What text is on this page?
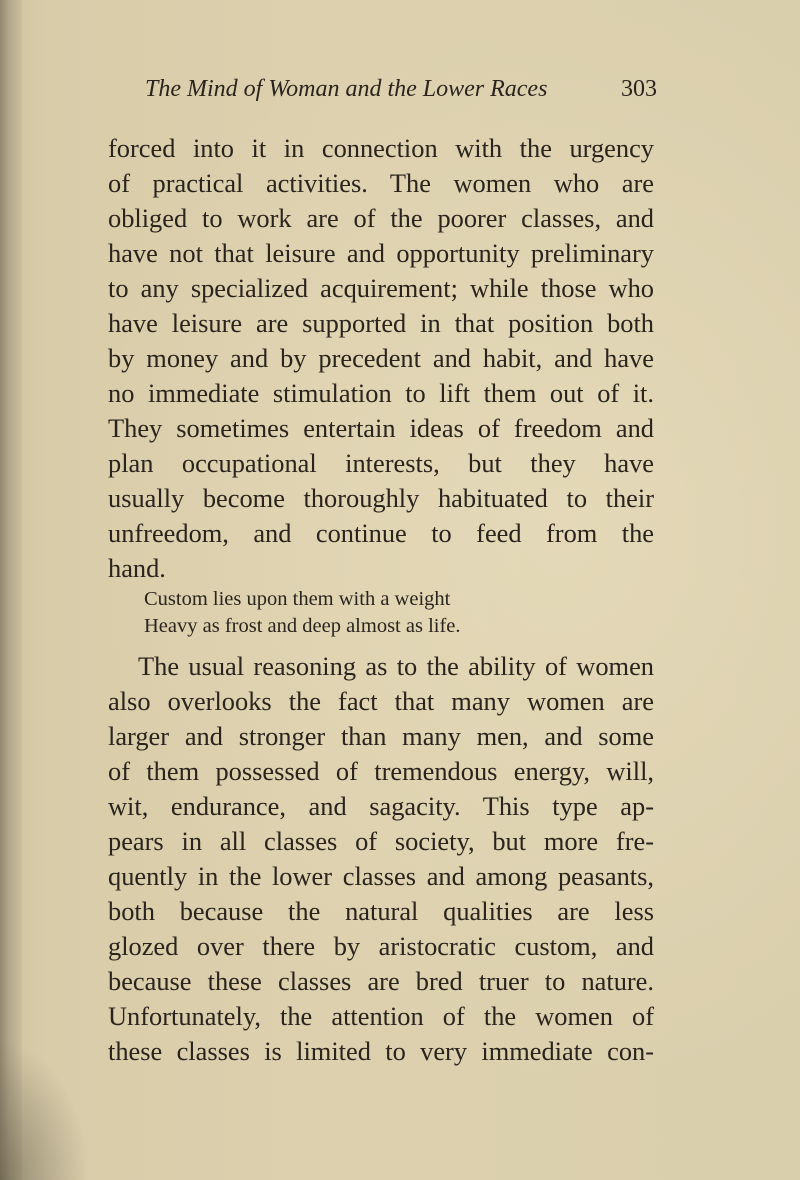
The Mind of Woman and the Lower Races	303
forced into it in connection with the urgency
of practical activities. The women who are
obliged to work are of the poorer classes, and
have not that leisure and opportunity preliminary
to any specialized acquirement; while those who
have leisure are supported in that position both
by money and by precedent and habit, and have
no immediate stimulation to lift them out of it.
They sometimes entertain ideas of freedom and
plan occupational interests, but they have
usually become thoroughly habituated to their
unfreedom, and continue to feed from the
hand.
Custom lies upon them with a weight
Heavy as frost and deep almost as life.
The usual reasoning as to the ability of women
also overlooks the fact that many women are
larger and stronger than many men, and some
of them possessed of tremendous energy, will,
wit, endurance, and sagacity. This type ap-
pears in all classes of society, but more fre-
quently in the lower classes and among peasants,
both because the natural qualities are less
glozed over there by aristocratic custom, and
because these classes are bred truer to nature.
Unfortunately, the attention of the women of
these classes is limited to very immediate con-
